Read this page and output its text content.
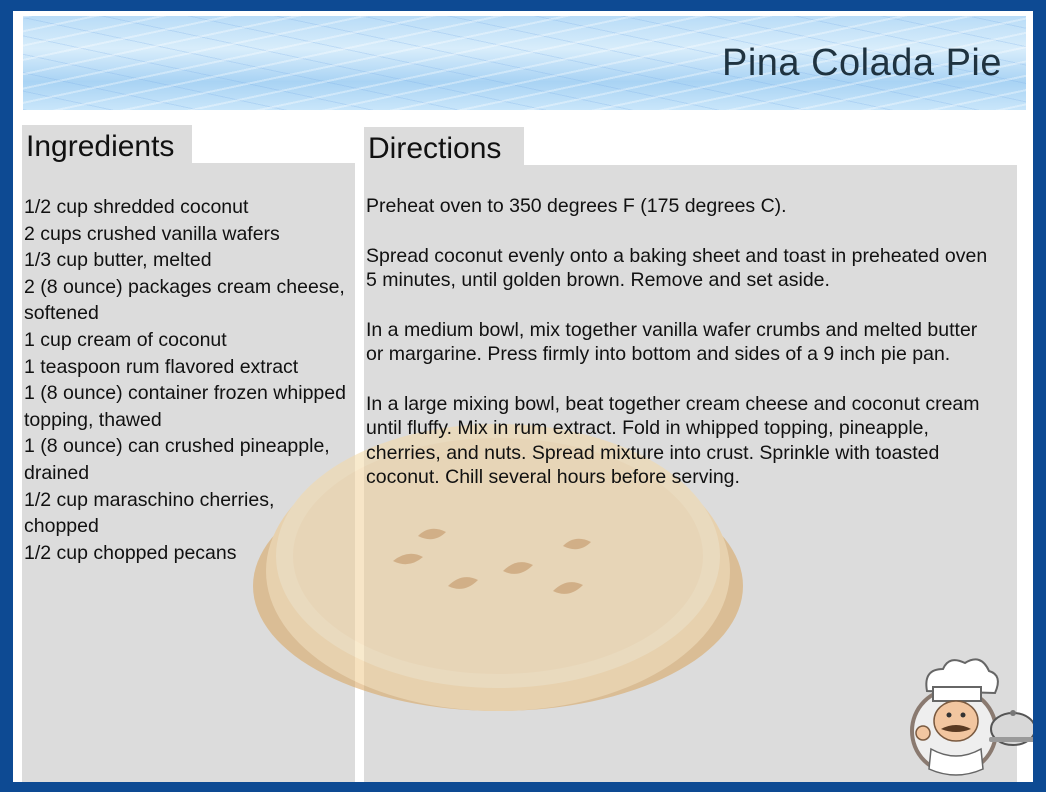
Pina Colada Pie
Ingredients	Directions
1/2 cup shredded coconut
2 cups crushed vanilla wafers
1/3 cup butter, melted
2 (8 ounce) packages cream cheese, softened
1 cup cream of coconut
1 teaspoon rum flavored extract
1 (8 ounce) container frozen whipped topping, thawed
1 (8 ounce) can crushed pineapple, drained
1/2 cup maraschino cherries, chopped
1/2 cup chopped pecans

Preheat oven to 350 degrees F (175 degrees C).

Spread coconut evenly onto a baking sheet and toast in preheated oven 5 minutes, until golden brown. Remove and set aside.

In a medium bowl, mix together vanilla wafer crumbs and melted butter or margarine. Press firmly into bottom and sides of a 9 inch pie pan.

In a large mixing bowl, beat together cream cheese and coconut cream until fluffy. Mix in rum extract. Fold in whipped topping, pineapple, cherries, and nuts. Spread mixture into crust. Sprinkle with toasted coconut. Chill several hours before serving.
